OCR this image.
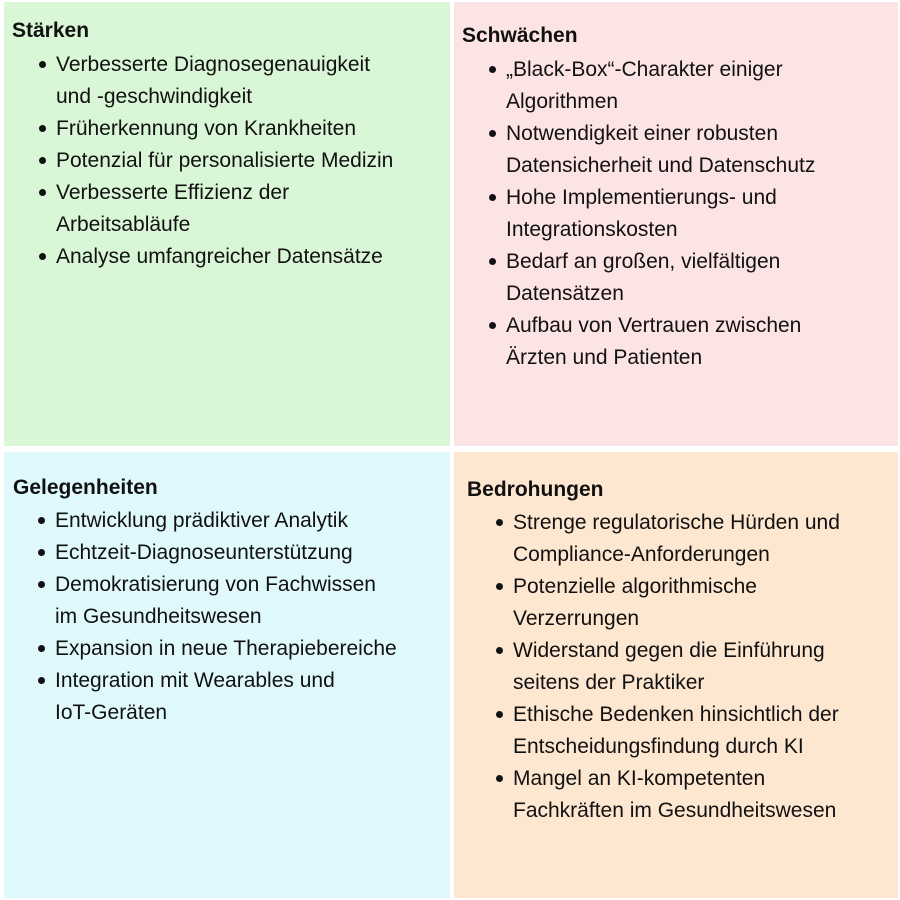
Stärken
Verbesserte Diagnosegenauigkeit
und -geschwindigkeit
Früherkennung von Krankheiten
Potenzial für personalisierte Medizin
Verbesserte Effizienz der
Arbeitsabläufe
Analyse umfangreicher Datensätze
Schwächen
„Black-Box“-Charakter einiger
Algorithmen
Notwendigkeit einer robusten
Datensicherheit und Datenschutz
Hohe Implementierungs- und
Integrationskosten
Bedarf an großen, vielfältigen
Datensätzen
Aufbau von Vertrauen zwischen
Ärzten und Patienten
Gelegenheiten
Entwicklung prädiktiver Analytik
Echtzeit-Diagnoseunterstützung
Demokratisierung von Fachwissen
im Gesundheitswesen
Expansion in neue Therapiebereiche
Integration mit Wearables und
IoT-Geräten
Bedrohungen
Strenge regulatorische Hürden und
Compliance-Anforderungen
Potenzielle algorithmische
Verzerrungen
Widerstand gegen die Einführung
seitens der Praktiker
Ethische Bedenken hinsichtlich der
Entscheidungsfindung durch KI
Mangel an KI-kompetenten
Fachkräften im Gesundheitswesen
